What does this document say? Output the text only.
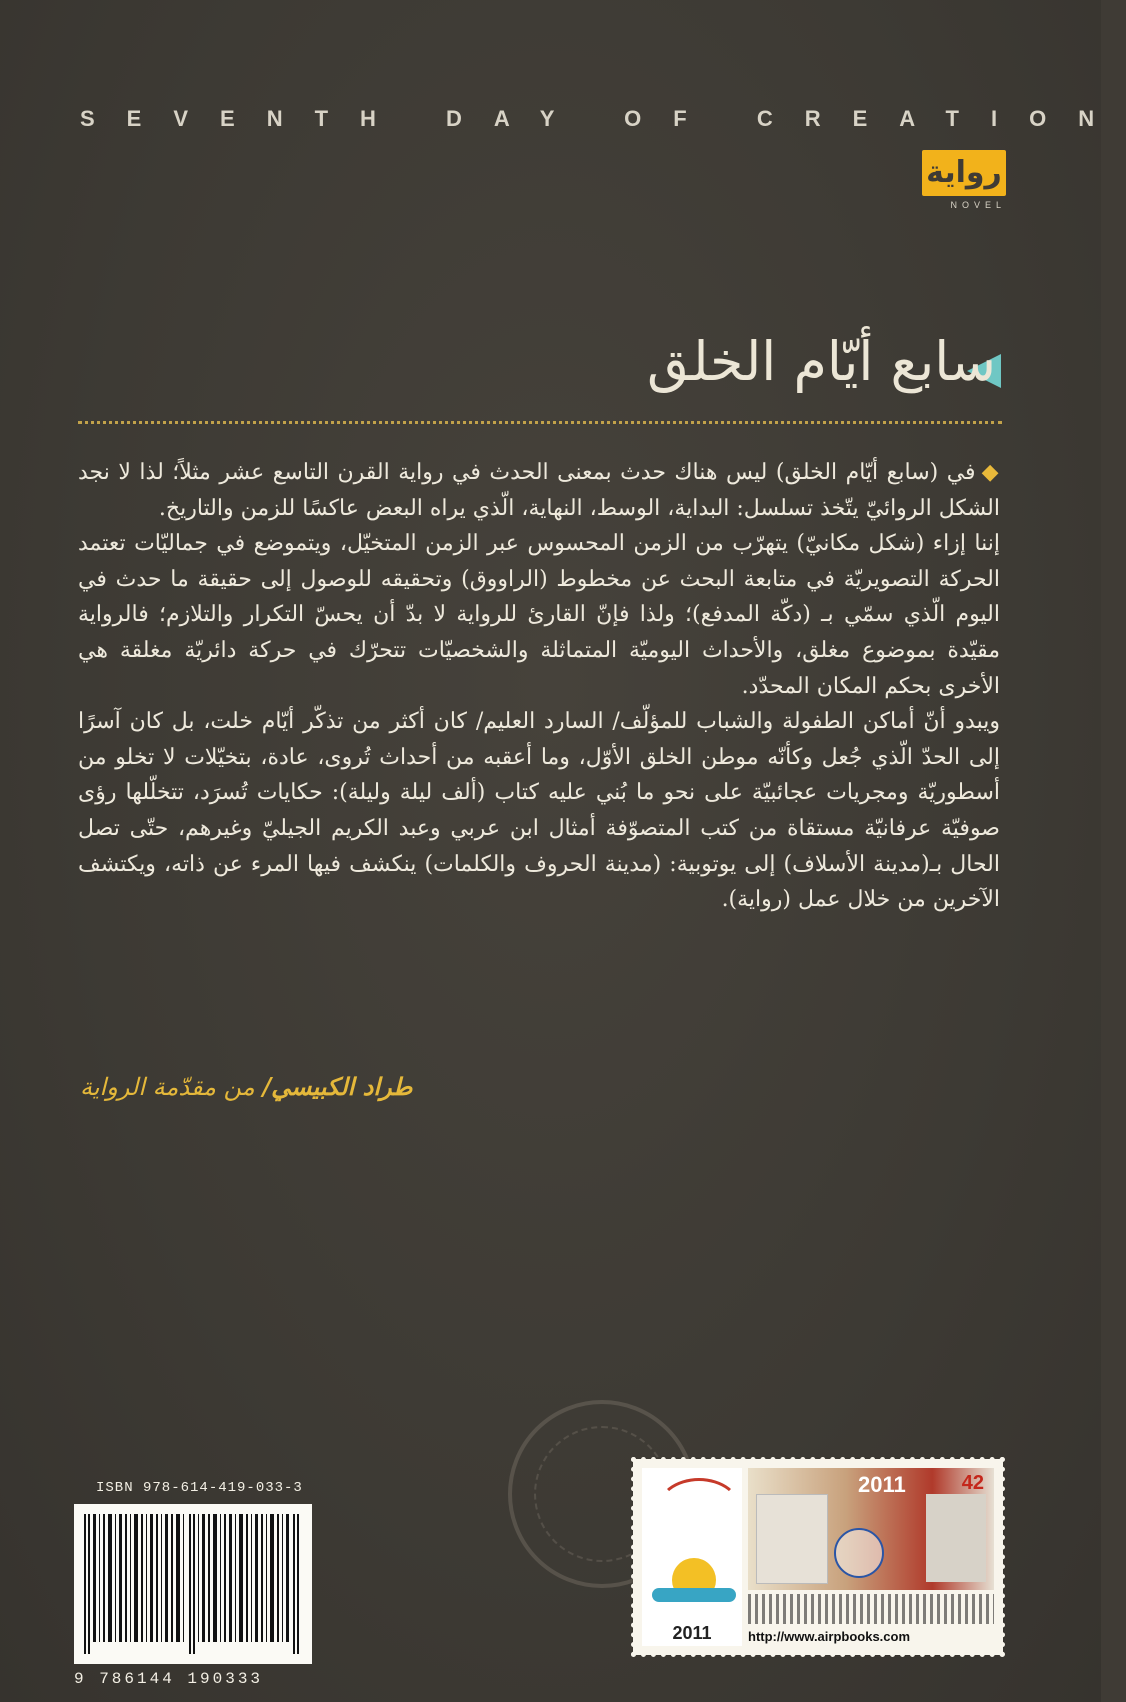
SEVENTH DAY OF CREATION
رواية
NOVEL
سابع أيّام الخلق

◆في (سابع أيّام الخلق) ليس هناك حدث بمعنى الحدث في رواية القرن التاسع عشر مثلاً؛ لذا لا نجد الشكل الروائيّ يتّخذ تسلسل: البداية، الوسط، النهاية، الّذي يراه البعض عاكسًا للزمن والتاريخ.

إننا إزاء (شكل مكانيّ) يتهرّب من الزمن المحسوس عبر الزمن المتخيّل، ويتموضع في جماليّات تعتمد الحركة التصويريّة في متابعة البحث عن مخطوط (الراووق) وتحقيقه للوصول إلى حقيقة ما حدث في اليوم الّذي سمّي بـ (دكّة المدفع)؛ ولذا فإنّ القارئ للرواية لا بدّ أن يحسّ التكرار والتلازم؛ فالرواية مقيّدة بموضوع مغلق، والأحداث اليوميّة المتماثلة والشخصيّات تتحرّك في حركة دائريّة مغلقة هي الأخرى بحكم المكان المحدّد.

ويبدو أنّ أماكن الطفولة والشباب للمؤلّف/ السارد العليم/ كان أكثر من تذكّر أيّام خلت، بل كان آسرًا إلى الحدّ الّذي جُعل وكأنّه موطن الخلق الأوّل، وما أعقبه من أحداث تُروى، عادة، بتخيّلات لا تخلو من أسطوريّة ومجريات عجائبيّة على نحو ما بُني عليه كتاب (ألف ليلة وليلة): حكايات تُسرَد، تتخلّلها رؤى صوفيّة عرفانيّة مستقاة من كتب المتصوّفة أمثال ابن عربي وعبد الكريم الجيليّ وغيرهم، حتّى تصل الحال بـ(مدينة الأسلاف) إلى يوتوبية: (مدينة الحروف والكلمات) ينكشف فيها المرء عن ذاته، ويكتشف الآخرين من خلال عمل (رواية).

طراد الكبيسي/ من مقدّمة الرواية
ISBN 978-614-419-033-3
9 786144 190333
2011
2011	42
http://www.airpbooks.com
